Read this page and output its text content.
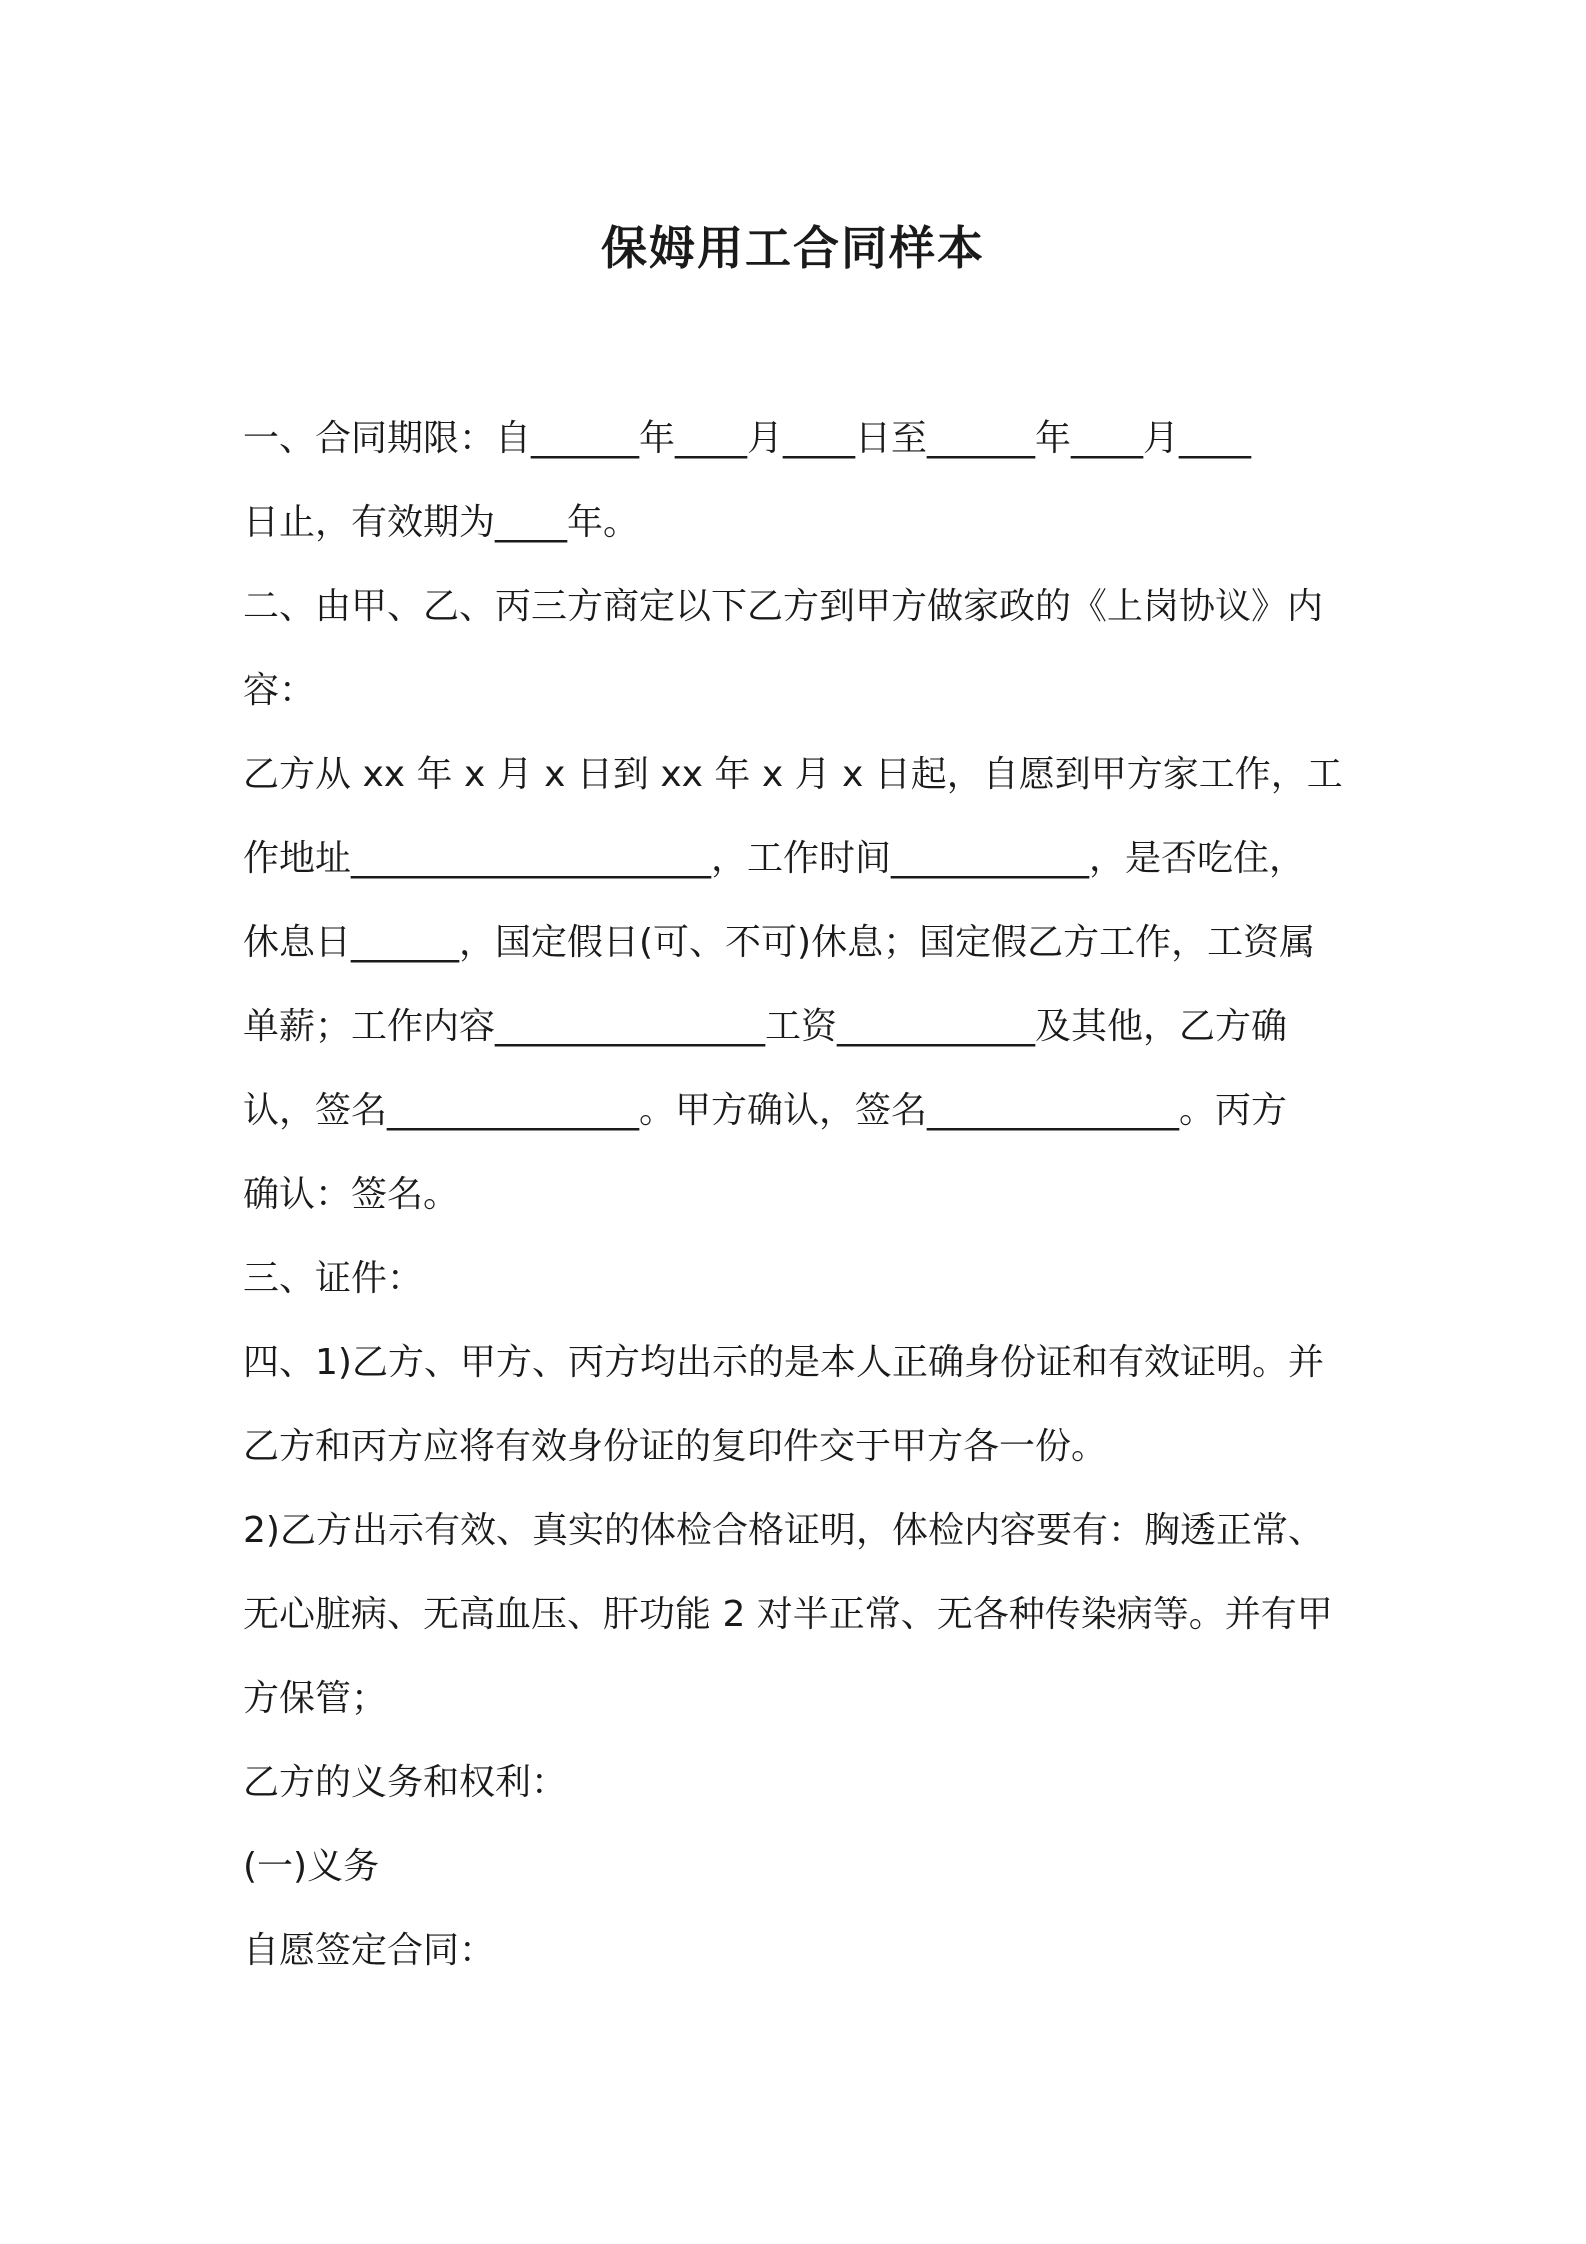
保姆用工合同样本

一、合同期限：自______年____月____日至______年____月____

日止，有效期为____年。

二、由甲、乙、丙三方商定以下乙方到甲方做家政的《上岗协议》内

容：

乙方从 xx 年 x 月 x 日到 xx 年 x 月 x 日起，自愿到甲方家工作，工

作地址____________________，工作时间___________，是否吃住，

休息日______，国定假日(可、不可)休息；国定假乙方工作，工资属

单薪；工作内容_______________工资___________及其他，乙方确

认，签名______________。甲方确认，签名______________。丙方

确认：签名。

三、证件：

四、1)乙方、甲方、丙方均出示的是本人正确身份证和有效证明。并

乙方和丙方应将有效身份证的复印件交于甲方各一份。

2)乙方出示有效、真实的体检合格证明，体检内容要有：胸透正常、

无心脏病、无高血压、肝功能 2 对半正常、无各种传染病等。并有甲

方保管；

乙方的义务和权利：

(一)义务

自愿签定合同：
